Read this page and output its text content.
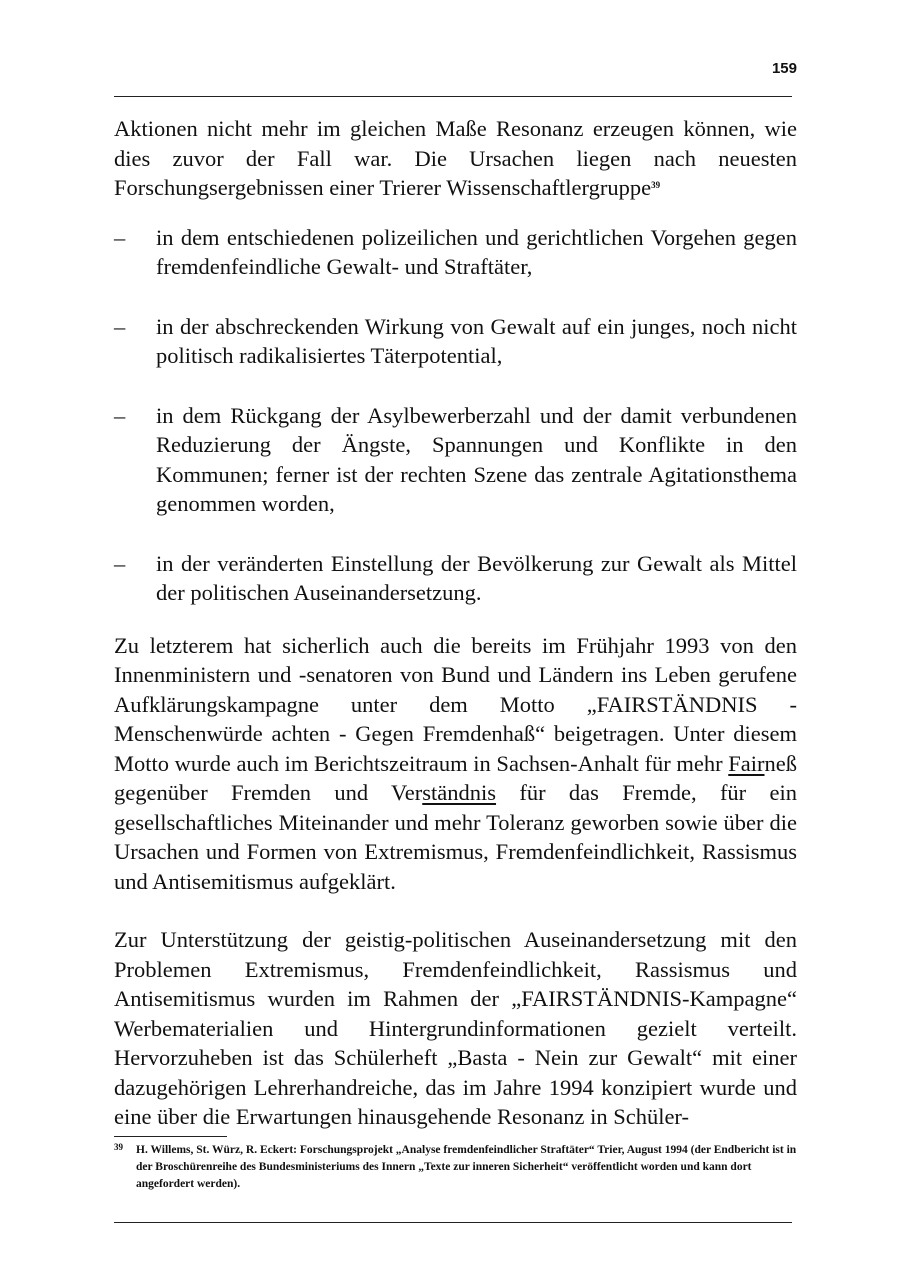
159

Aktionen nicht mehr im gleichen Maße Resonanz erzeugen können, wie dies zuvor der Fall war. Die Ursachen liegen nach neuesten Forschungsergebnissen einer Trierer Wissenschaftlergruppe$^{39}$

–	in dem entschiedenen polizeilichen und gerichtlichen Vorgehen gegen fremdenfeindliche Gewalt- und Straftäter,
–	in der abschreckenden Wirkung von Gewalt auf ein junges, noch nicht politisch radikalisiertes Täterpotential,
–	in dem Rückgang der Asylbewerberzahl und der damit verbundenen Reduzierung der Ängste, Spannungen und Konflikte in den Kommunen; ferner ist der rechten Szene das zentrale Agitationsthema genommen worden,
–	in der veränderten Einstellung der Bevölkerung zur Gewalt als Mittel der politischen Auseinandersetzung.

Zu letzterem hat sicherlich auch die bereits im Frühjahr 1993 von den Innenministern und -senatoren von Bund und Ländern ins Leben gerufene Aufklärungskampagne unter dem Motto „FAIRSTÄNDNIS - Menschenwürde achten - Gegen Fremdenhaß“ beigetragen. Unter diesem Motto wurde auch im Berichtszeitraum in Sachsen-Anhalt für mehr Fairneß gegenüber Fremden und Verständnis für das Fremde, für ein gesellschaftliches Miteinander und mehr Toleranz geworben sowie über die Ursachen und Formen von Extremismus, Fremdenfeindlichkeit, Rassismus und Antisemitismus aufgeklärt.

Zur Unterstützung der geistig-politischen Auseinandersetzung mit den Problemen Extremismus, Fremdenfeindlichkeit, Rassismus und Antisemitismus wurden im Rahmen der „FAIRSTÄNDNIS-Kampagne“ Werbematerialien und Hintergrundinformationen gezielt verteilt. Hervorzuheben ist das Schülerheft „Basta - Nein zur Gewalt“ mit einer dazugehörigen Lehrerhandreiche, das im Jahre 1994 konzipiert wurde und eine über die Erwartungen hinausgehende Resonanz in Schüler-

39	H. Willems, St. Würz, R. Eckert: Forschungsprojekt „Analyse fremdenfeindlicher Straftäter“ Trier, August 1994 (der Endbericht ist in der Broschürenreihe des Bundesministeriums des Innern „Texte zur inneren Sicherheit“ veröffentlicht worden und kann dort angefordert werden).
